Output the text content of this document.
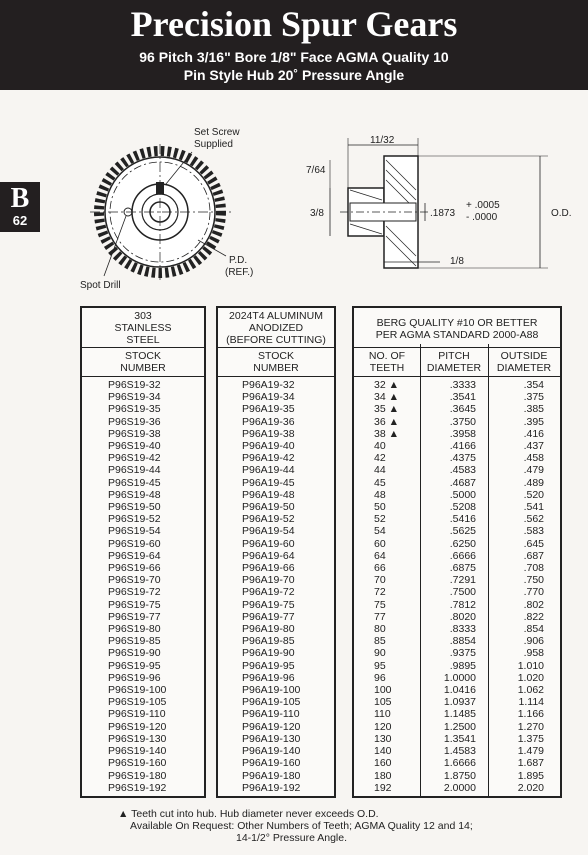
Precision Spur Gears
96 Pitch 3/16" Bore 1/8" Face AGMA Quality 10
Pin Style Hub 20˚ Pressure Angle
B
62
Set Screw
Supplied
P.D.
(REF.)
Spot Drill
11/32
7/64
3/8	.1873
+ .0005
- .0000	O.D.
1/8
303
STAINLESS
STEEL
STOCK
NUMBER
P96S19-32
P96S19-34
P96S19-35
P96S19-36
P96S19-38
P96S19-40
P96S19-42
P96S19-44
P96S19-45
P96S19-48
P96S19-50
P96S19-52
P96S19-54
P96S19-60
P96S19-64
P96S19-66
P96S19-70
P96S19-72
P96S19-75
P96S19-77
P96S19-80
P96S19-85
P96S19-90
P96S19-95
P96S19-96
P96S19-100
P96S19-105
P96S19-110
P96S19-120
P96S19-130
P96S19-140
P96S19-160
P96S19-180
P96S19-192
2024T4 ALUMINUM
ANODIZED
(BEFORE CUTTING)
STOCK
NUMBER
P96A19-32
P96A19-34
P96A19-35
P96A19-36
P96A19-38
P96A19-40
P96A19-42
P96A19-44
P96A19-45
P96A19-48
P96A19-50
P96A19-52
P96A19-54
P96A19-60
P96A19-64
P96A19-66
P96A19-70
P96A19-72
P96A19-75
P96A19-77
P96A19-80
P96A19-85
P96A19-90
P96A19-95
P96A19-96
P96A19-100
P96A19-105
P96A19-110
P96A19-120
P96A19-130
P96A19-140
P96A19-160
P96A19-180
P96A19-192
BERG QUALITY #10 OR BETTER
PER AGMA STANDARD 2000-A88
NO. OF
TEETH
PITCH
DIAMETER
OUTSIDE
DIAMETER
32 ▲
34 ▲
35 ▲
36 ▲
38 ▲
40
42
44
45
48
50
52
54
60
64
66
70
72
75
77
80
85
90
95
96
100
105
110
120
130
140
160
180
192
.3333
.3541
.3645
.3750
.3958
.4166
.4375
.4583
.4687
.5000
.5208
.5416
.5625
.6250
.6666
.6875
.7291
.7500
.7812
.8020
.8333
.8854
.9375
.9895
1.0000
1.0416
1.0937
1.1485
1.2500
1.3541
1.4583
1.6666
1.8750
2.0000
.354
.375
.385
.395
.416
.437
.458
.479
.489
.520
.541
.562
.583
.645
.687
.708
.750
.770
.802
.822
.854
.906
.958
1.010
1.020
1.062
1.114
1.166
1.270
1.375
1.479
1.687
1.895
2.020
▲ Teeth cut into hub. Hub diameter never exceeds O.D.
Available On Request: Other Numbers of Teeth; AGMA Quality 12 and 14;
14-1/2° Pressure Angle.
